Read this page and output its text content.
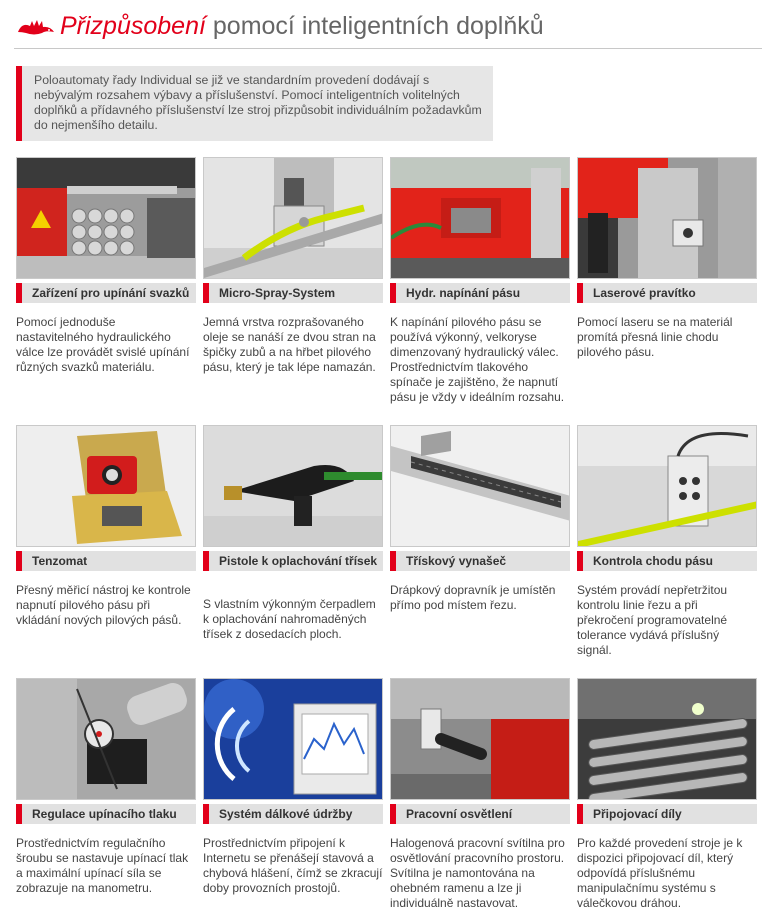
Přizpůsobení pomocí inteligentních doplňků
Poloautomaty řady Individual se již ve standardním provedení dodávají s nebývalým rozsahem výbavy a příslušenství. Pomocí inteligentních volitelných doplňků a přídavného příslušenství lze stroj přizpůsobit individuálním požadavkům do nejmenšího detailu.
Zařízení pro upínání svazků
Pomocí jednoduše nastavitelného hydraulického válce lze provádět svislé upínání různých svazků materiálu.
Micro-Spray-System
Jemná vrstva rozprašovaného oleje se nanáší ze dvou stran na špičky zubů a na hřbet pilového pásu, který je tak lépe namazán.
Hydr. napínání pásu
K napínání pilového pásu se používá výkonný, velkoryse dimenzovaný hydraulický válec. Prostřednictvím tlakového spínače je zajištěno, že napnutí pásu je vždy v ideálním rozsahu.
Laserové pravítko
Pomocí laseru se na materiál promítá přesná linie chodu pilového pásu.
Tenzomat
Přesný měřicí nástroj ke kontrole napnutí pilového pásu při vkládání nových pilových pásů.
Pistole k oplachování třísek
S vlastním výkonným čerpadlem k oplachování nahromaděných třísek z dosedacích ploch.
Třískový vynašeč
Drápkový dopravník je umístěn přímo pod místem řezu.
Kontrola chodu pásu
Systém provádí nepřetržitou kontrolu linie řezu a při překročení programovatelné tolerance vydává příslušný signál.
Regulace upínacího tlaku
Prostřednictvím regulačního šroubu se nastavuje upínací tlak a maximální upínací síla se zobrazuje na manometru.
Systém dálkové údržby
Prostřednictvím připojení k Internetu se přenášejí stavová a chybová hlášení, čímž se zkracují doby provozních prostojů.
Pracovní osvětlení
Halogenová pracovní svítilna pro osvětlování pracovního prostoru. Svítilna je namontována na ohebném ramenu a lze ji individuálně nastavovat.
Připojovací díly
Pro každé provedení stroje je k dispozici připojovací díl, který odpovídá příslušnému manipulačnímu systému s válečkovou dráhou.
